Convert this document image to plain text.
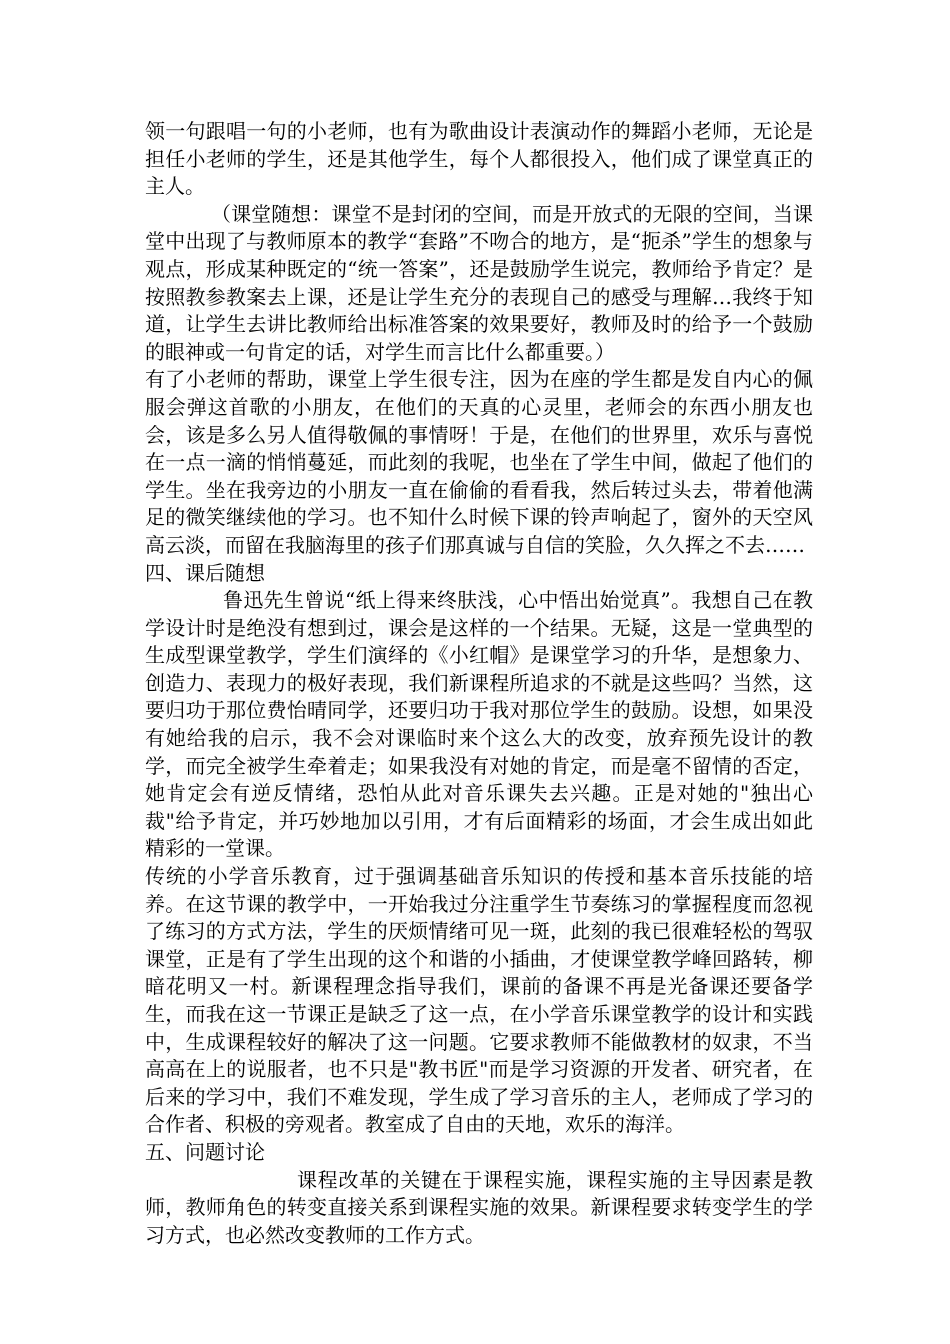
领一句跟唱一句的小老师，也有为歌曲设计表演动作的舞蹈小老师，无论是担任小老师的学生，还是其他学生，每个人都很投入，他们成了课堂真正的主人。

（课堂随想：课堂不是封闭的空间，而是开放式的无限的空间，当课堂中出现了与教师原本的教学“套路”不吻合的地方，是“扼杀”学生的想象与观点，形成某种既定的“统一答案”，还是鼓励学生说完，教师给予肯定？是按照教参教案去上课，还是让学生充分的表现自己的感受与理解…我终于知道，让学生去讲比教师给出标准答案的效果要好，教师及时的给予一个鼓励的眼神或一句肯定的话，对学生而言比什么都重要。）

有了小老师的帮助，课堂上学生很专注，因为在座的学生都是发自内心的佩服会弹这首歌的小朋友，在他们的天真的心灵里，老师会的东西小朋友也会，该是多么另人值得敬佩的事情呀！于是，在他们的世界里，欢乐与喜悦在一点一滴的悄悄蔓延，而此刻的我呢，也坐在了学生中间，做起了他们的学生。坐在我旁边的小朋友一直在偷偷的看看我，然后转过头去，带着他满足的微笑继续他的学习。也不知什么时候下课的铃声响起了，窗外的天空风高云淡，而留在我脑海里的孩子们那真诚与自信的笑脸，久久挥之不去……

四、课后随想

鲁迅先生曾说“纸上得来终肤浅，心中悟出始觉真”。我想自己在教学设计时是绝没有想到过，课会是这样的一个结果。无疑，这是一堂典型的生成型课堂教学，学生们演绎的《小红帽》是课堂学习的升华，是想象力、创造力、表现力的极好表现，我们新课程所追求的不就是这些吗？当然，这要归功于那位费怡晴同学，还要归功于我对那位学生的鼓励。设想，如果没有她给我的启示，我不会对课临时来个这么大的改变，放弃预先设计的教学，而完全被学生牵着走；如果我没有对她的肯定，而是毫不留情的否定，她肯定会有逆反情绪，恐怕从此对音乐课失去兴趣。正是对她的"独出心裁"给予肯定，并巧妙地加以引用，才有后面精彩的场面，才会生成出如此精彩的一堂课。

传统的小学音乐教育，过于强调基础音乐知识的传授和基本音乐技能的培养。在这节课的教学中，一开始我过分注重学生节奏练习的掌握程度而忽视了练习的方式方法，学生的厌烦情绪可见一斑，此刻的我已很难轻松的驾驭课堂，正是有了学生出现的这个和谐的小插曲，才使课堂教学峰回路转，柳暗花明又一村。新课程理念指导我们，课前的备课不再是光备课还要备学生，而我在这一节课正是缺乏了这一点，在小学音乐课堂教学的设计和实践中，生成课程较好的解决了这一问题。它要求教师不能做教材的奴隶，不当高高在上的说服者，也不只是"教书匠"而是学习资源的开发者、研究者，在后来的学习中，我们不难发现，学生成了学习音乐的主人，老师成了学习的合作者、积极的旁观者。教室成了自由的天地，欢乐的海洋。

五、问题讨论

课程改革的关键在于课程实施，课程实施的主导因素是教师，教师角色的转变直接关系到课程实施的效果。新课程要求转变学生的学习方式，也必然改变教师的工作方式。
